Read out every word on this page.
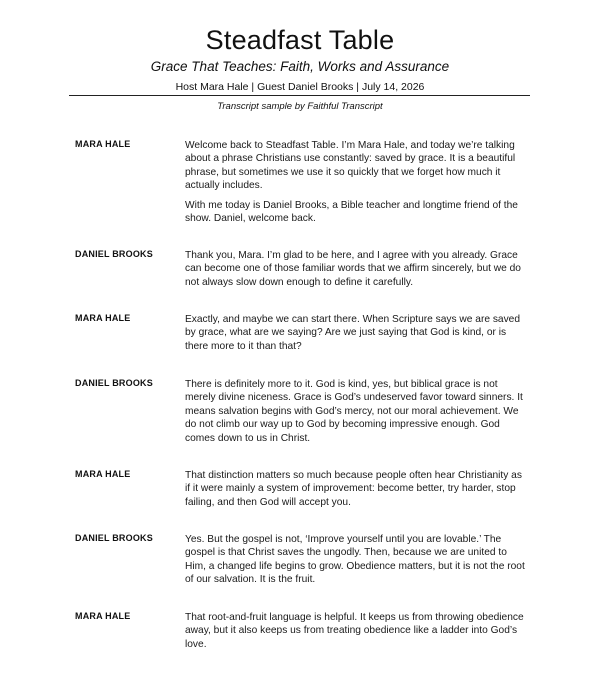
Steadfast Table
Grace That Teaches: Faith, Works and Assurance
Host Mara Hale | Guest Daniel Brooks | July 14, 2026
Transcript sample by Faithful Transcript
MARA HALE	Welcome back to Steadfast Table. I’m Mara Hale, and today we’re talking about a phrase Christians use constantly: saved by grace. It is a beautiful phrase, but sometimes we use it so quickly that we forget how much it actually includes.

With me today is Daniel Brooks, a Bible teacher and longtime friend of the show. Daniel, welcome back.

DANIEL BROOKS	Thank you, Mara. I’m glad to be here, and I agree with you already. Grace can become one of those familiar words that we affirm sincerely, but we do not always slow down enough to define it carefully.

MARA HALE	Exactly, and maybe we can start there. When Scripture says we are saved by grace, what are we saying? Are we just saying that God is kind, or is there more to it than that?

DANIEL BROOKS	There is definitely more to it. God is kind, yes, but biblical grace is not merely divine niceness. Grace is God’s undeserved favor toward sinners. It means salvation begins with God’s mercy, not our moral achievement. We do not climb our way up to God by becoming impressive enough. God comes down to us in Christ.

MARA HALE	That distinction matters so much because people often hear Christianity as if it were mainly a system of improvement: become better, try harder, stop failing, and then God will accept you.

DANIEL BROOKS	Yes. But the gospel is not, ‘Improve yourself until you are lovable.’ The gospel is that Christ saves the ungodly. Then, because we are united to Him, a changed life begins to grow. Obedience matters, but it is not the root of our salvation. It is the fruit.

MARA HALE	That root-and-fruit language is helpful. It keeps us from throwing obedience away, but it also keeps us from treating obedience like a ladder into God’s love.
